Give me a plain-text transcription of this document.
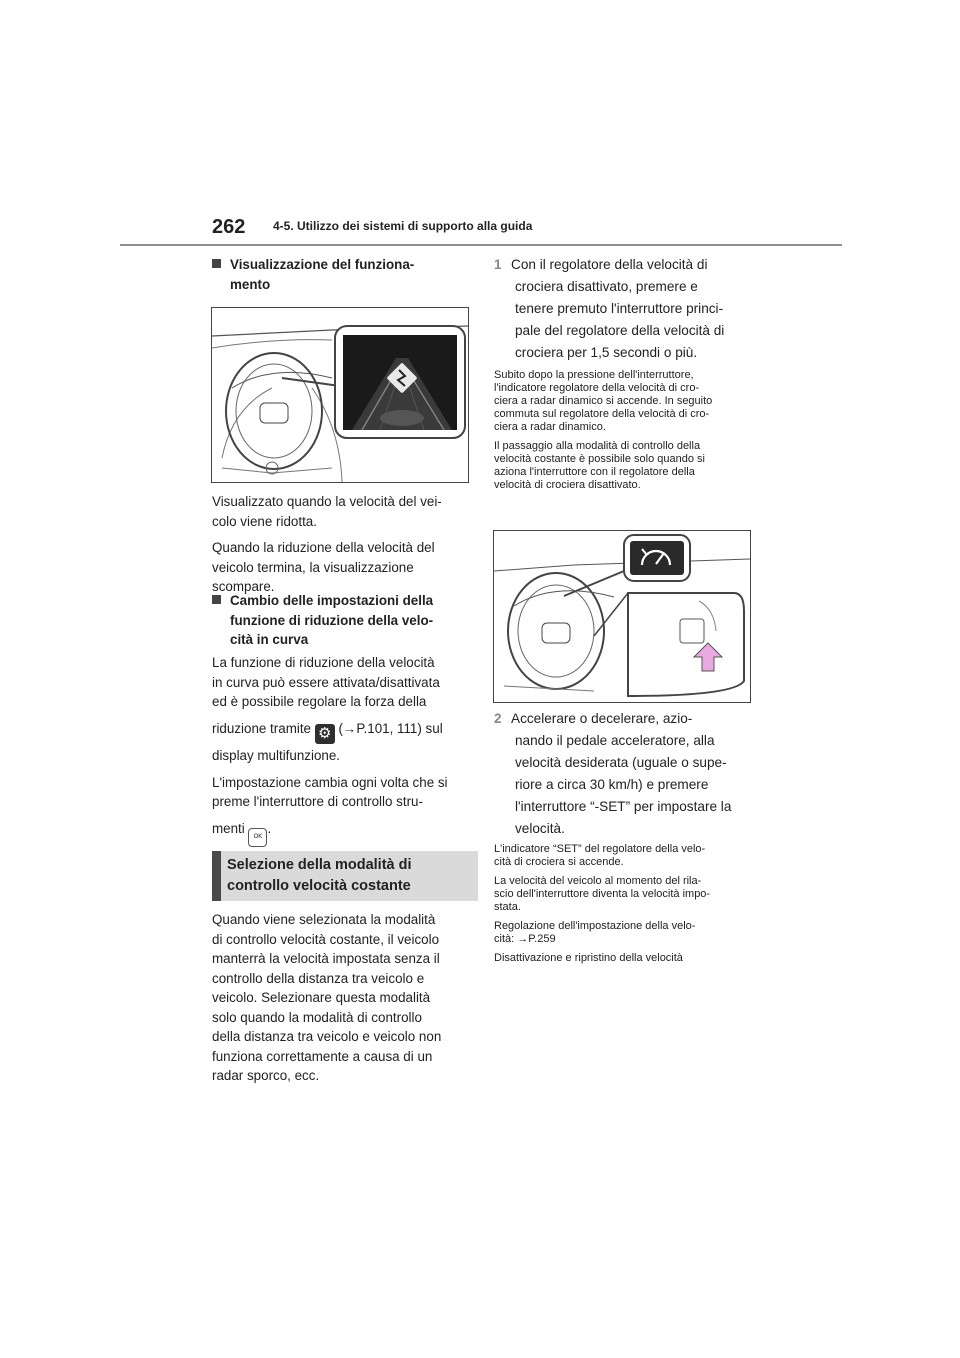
262 4-5. Utilizzo dei sistemi di supporto alla guida
Visualizzazione del funziona-
mento

Visualizzato quando la velocità del vei-
colo viene ridotta.

Quando la riduzione della velocità del
veicolo termina, la visualizzazione
scompare.

Cambio delle impostazioni della
funzione di riduzione della velo-
cità in curva

La funzione di riduzione della velocità
in curva può essere attivata/disattivata
ed è possibile regolare la forza della

riduzione tramite ⚙ (→P.101, 111) sul
display multifunzione.

L'impostazione cambia ogni volta che si
preme l'interruttore di controllo stru-

menti OK.

Selezione della modalità di
controllo velocità costante
Quando viene selezionata la modalità
di controllo velocità costante, il veicolo
manterrà la velocità impostata senza il
controllo della distanza tra veicolo e
veicolo. Selezionare questa modalità
solo quando la modalità di controllo
della distanza tra veicolo e veicolo non
funziona correttamente a causa di un
radar sporco, ecc.
1 Con il regolatore della velocità di
crociera disattivato, premere e
tenere premuto l'interruttore princi-
pale del regolatore della velocità di
crociera per 1,5 secondi o più.

Subito dopo la pressione dell'interruttore,
l'indicatore regolatore della velocità di cro-
ciera a radar dinamico si accende. In seguito
commuta sul regolatore della velocità di cro-
ciera a radar dinamico.

Il passaggio alla modalità di controllo della
velocità costante è possibile solo quando si
aziona l'interruttore con il regolatore della
velocità di crociera disattivato.

2 Accelerare o decelerare, azio-
nando il pedale acceleratore, alla
velocità desiderata (uguale o supe-
riore a circa 30 km/h) e premere
l'interruttore “-SET” per impostare la
velocità.

L'indicatore “SET” del regolatore della velo-
cità di crociera si accende.

La velocità del veicolo al momento del rila-
scio dell'interruttore diventa la velocità impo-
stata.

Regolazione dell'impostazione della velo-
cità: →P.259

Disattivazione e ripristino della velocità
